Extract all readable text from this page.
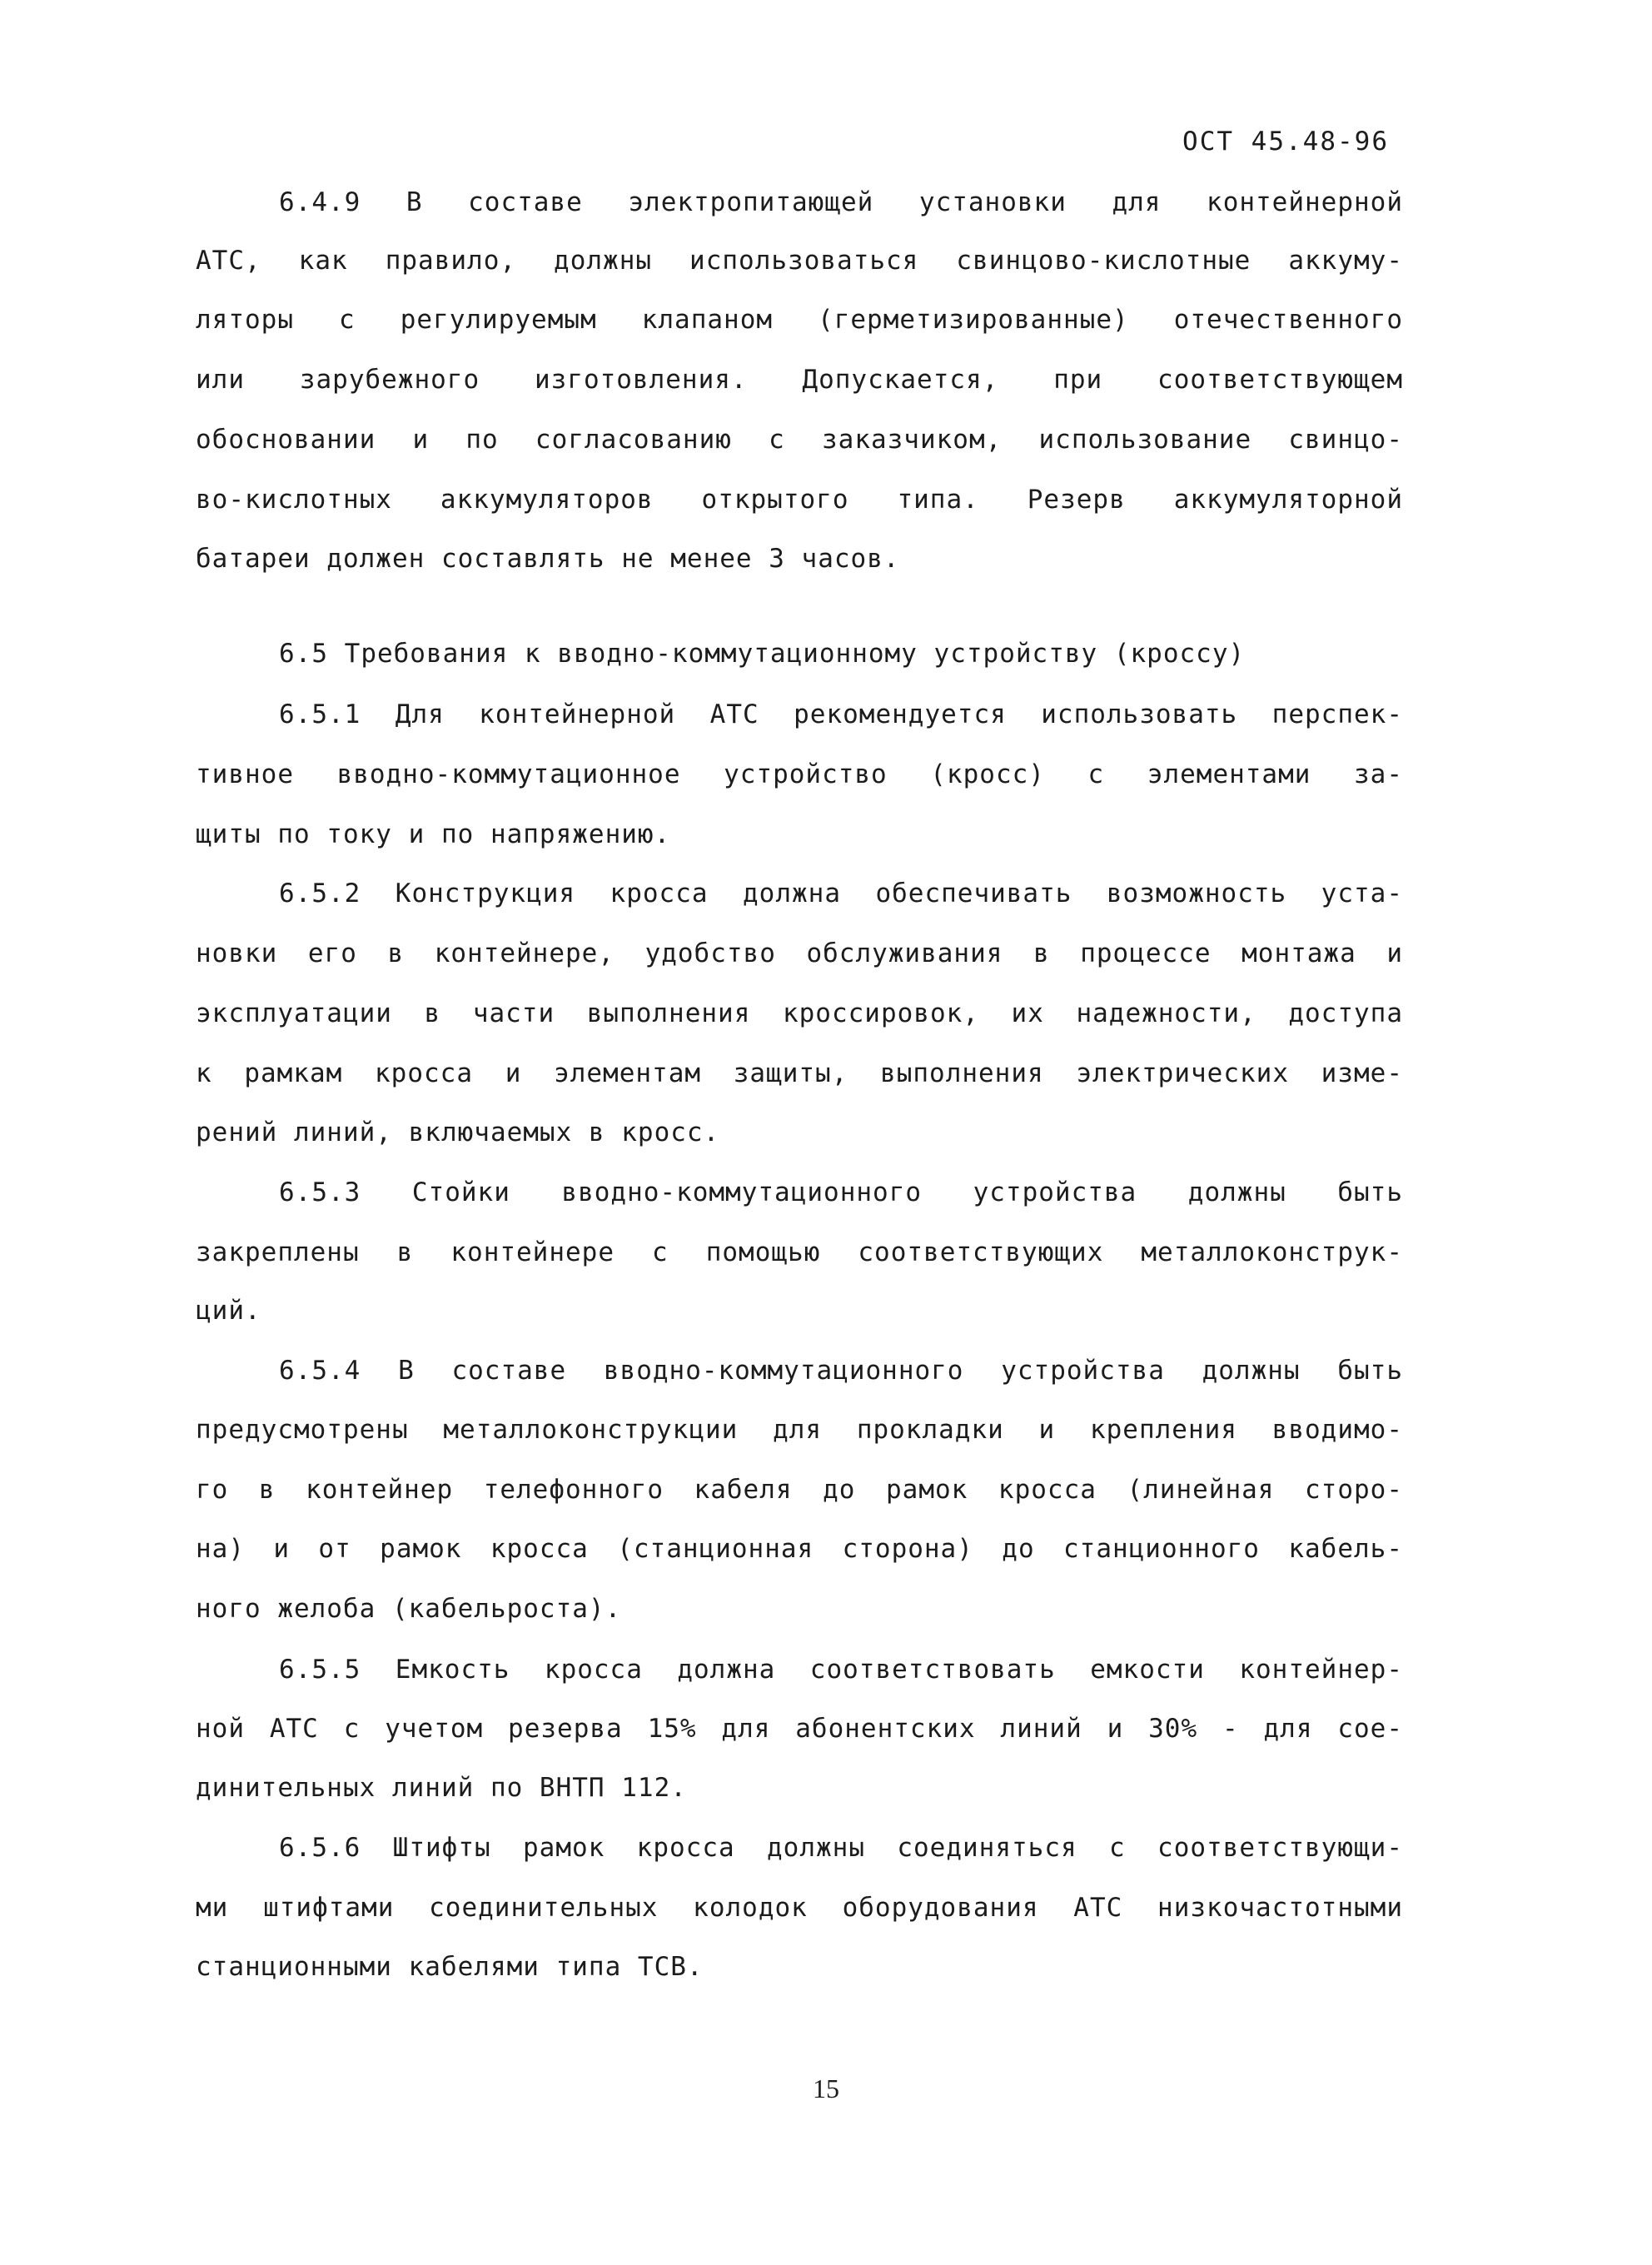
ОСТ 45.48-96
6.4.9 В составе электропитающей установки для контейнерной
АТС, как правило, должны использоваться свинцово-кислотные аккуму-
ляторы с регулируемым клапаном (герметизированные) отечественного
или зарубежного изготовления. Допускается, при соответствующем
обосновании и по согласованию с заказчиком, использование свинцо-
во-кислотных аккумуляторов открытого типа. Резерв аккумуляторной
батареи должен составлять не менее 3 часов.
6.5 Требования к вводно-коммутационному устройству (кроссу)
6.5.1 Для контейнерной АТС рекомендуется использовать перспек-
тивное вводно-коммутационное устройство (кросс) с элементами за-
щиты по току и по напряжению.
6.5.2 Конструкция кросса должна обеспечивать возможность уста-
новки его в контейнере, удобство обслуживания в процессе монтажа и
эксплуатации в части выполнения кроссировок, их надежности, доступа
к рамкам кросса и элементам защиты, выполнения электрических изме-
рений линий, включаемых в кросс.
6.5.3 Стойки вводно-коммутационного устройства должны быть
закреплены в контейнере с помощью соответствующих металлоконструк-
ций.
6.5.4 В составе вводно-коммутационного устройства должны быть
предусмотрены металлоконструкции для прокладки и крепления вводимо-
го в контейнер телефонного кабеля до рамок кросса (линейная сторо-
на) и от рамок кросса (станционная сторона) до станционного кабель-
ного желоба (кабельроста).
6.5.5 Емкость кросса должна соответствовать емкости контейнер-
ной АТС с учетом резерва 15% для абонентских линий и 30% - для сое-
динительных линий по ВНТП 112.
6.5.6 Штифты рамок кросса должны соединяться с соответствующи-
ми штифтами соединительных колодок оборудования АТС низкочастотными
станционными кабелями типа ТСВ.
15
